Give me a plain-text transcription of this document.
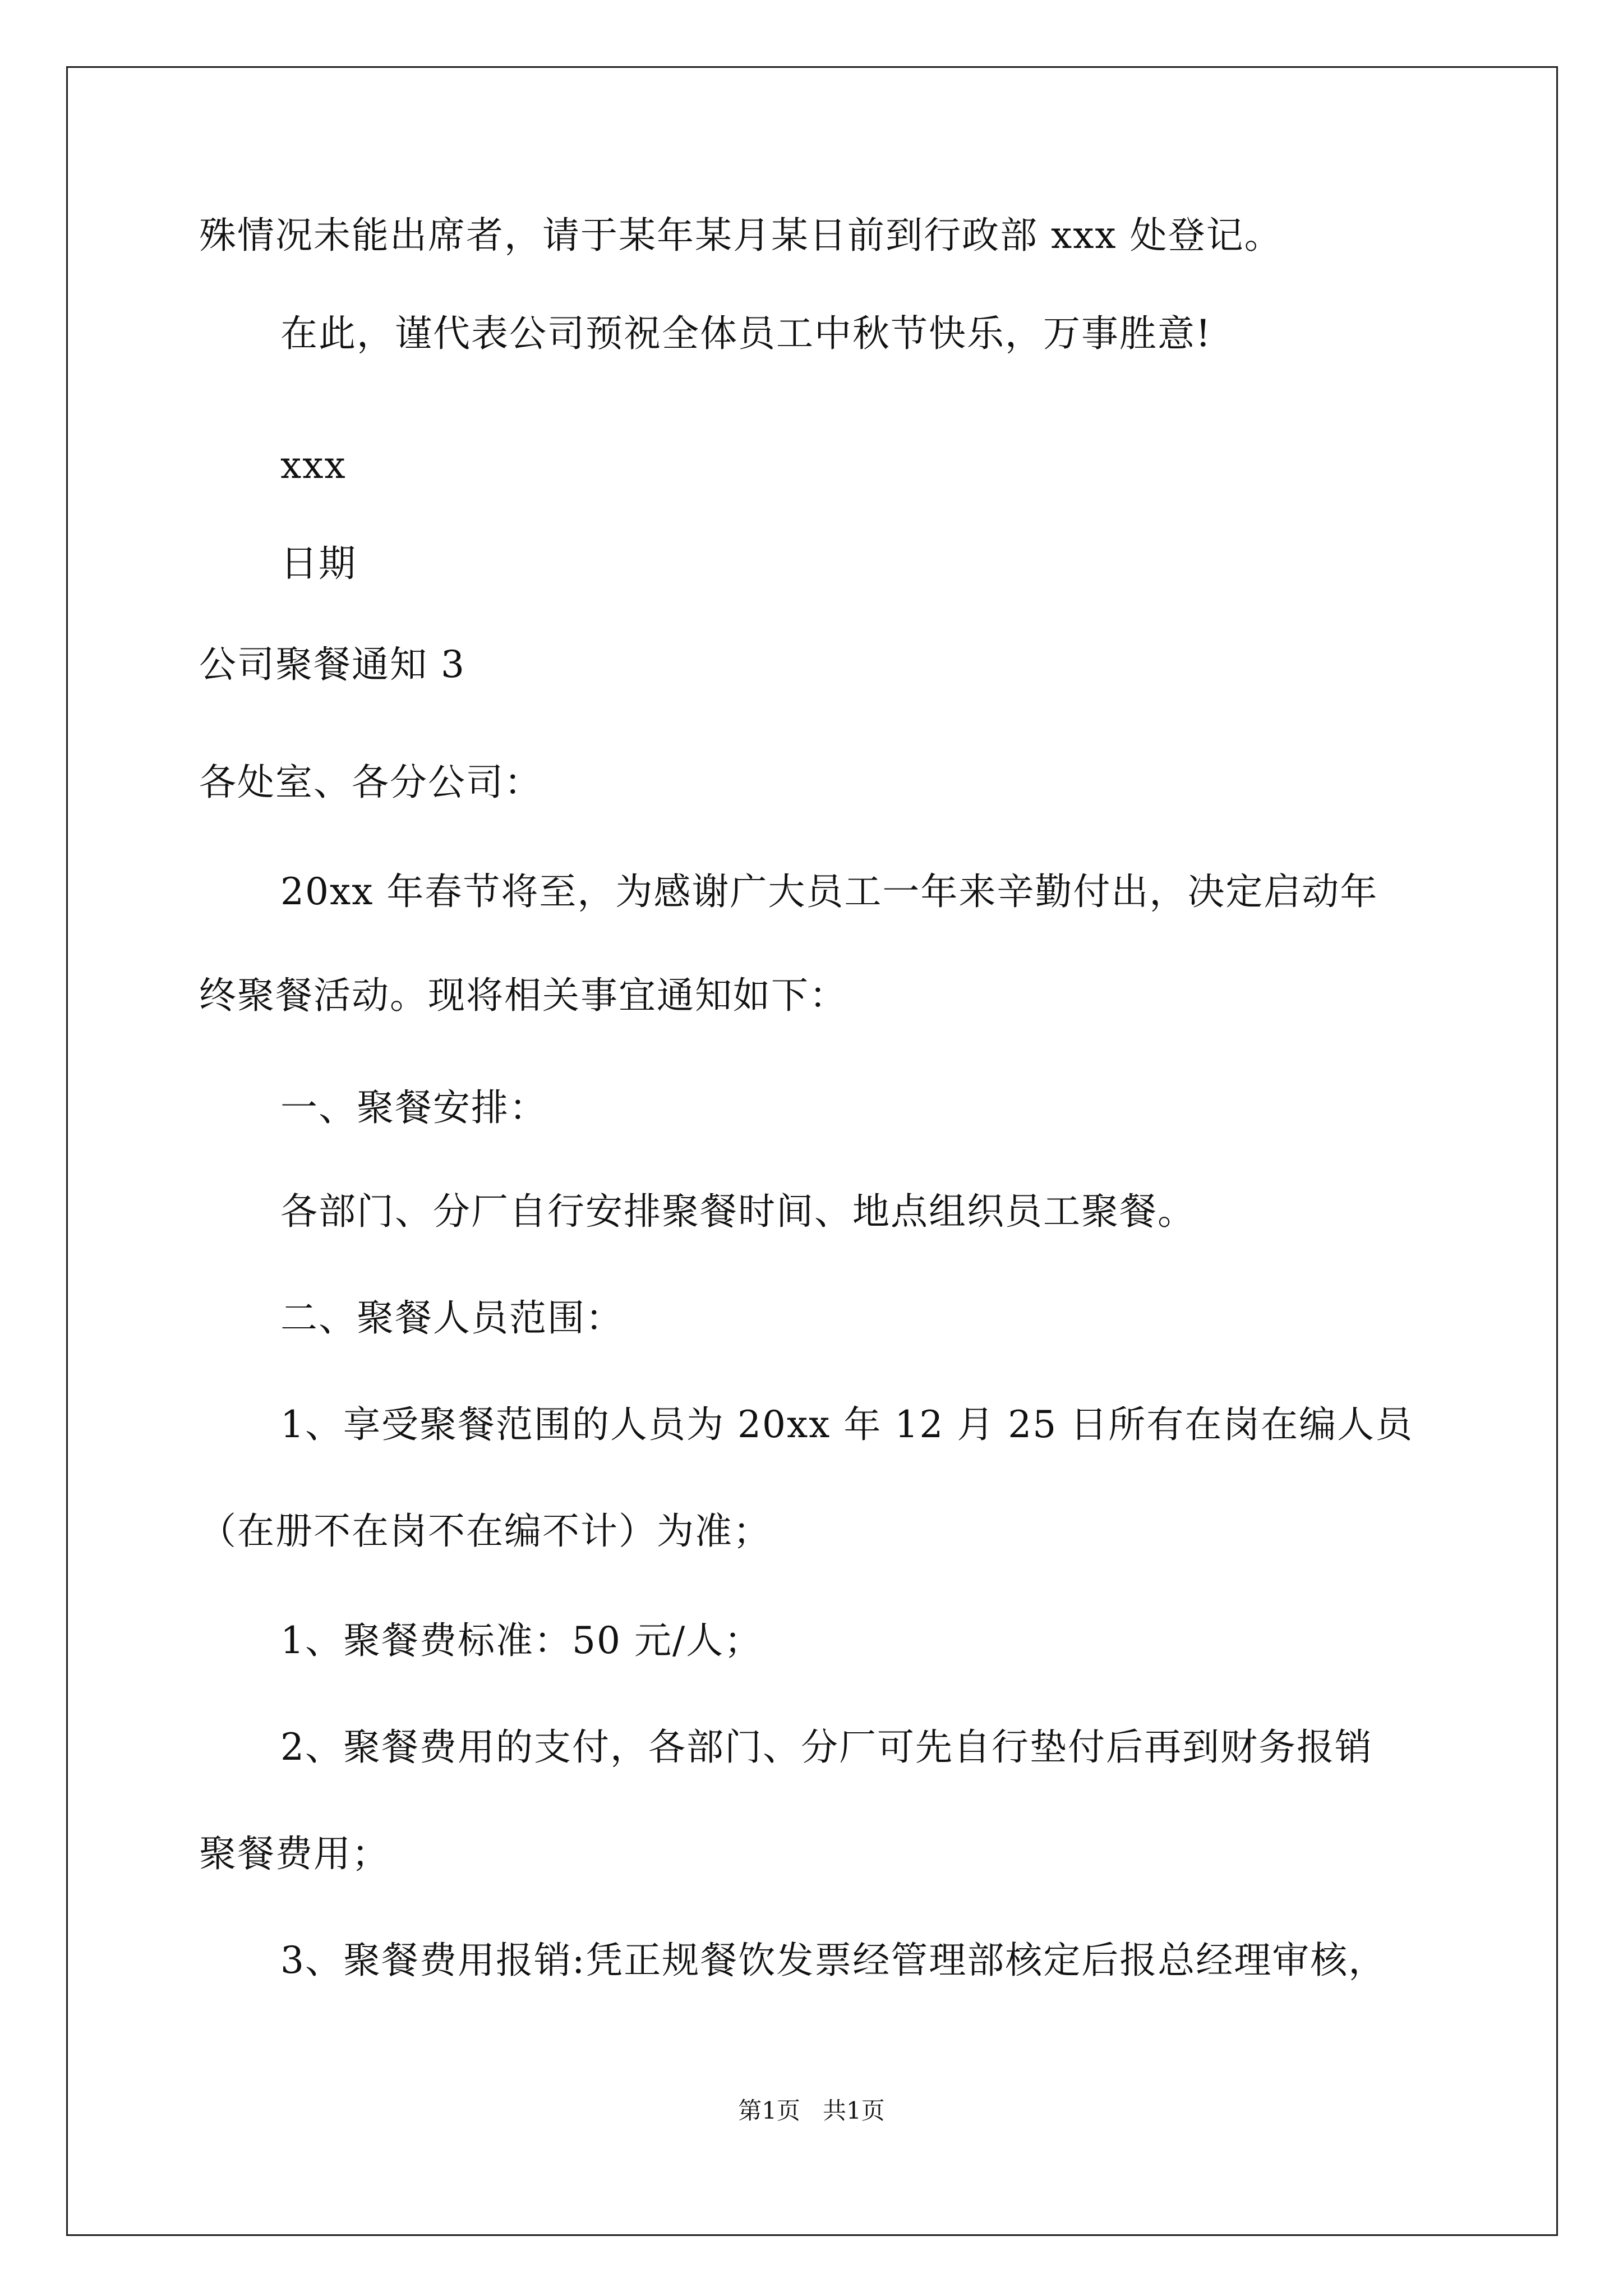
殊情况未能出席者，请于某年某月某日前到行政部 xxx 处登记。
在此，谨代表公司预祝全体员工中秋节快乐，万事胜意!
xxx
日期
公司聚餐通知 3
各处室、各分公司：
20xx 年春节将至，为感谢广大员工一年来辛勤付出，决定启动年
终聚餐活动。现将相关事宜通知如下：
一、聚餐安排：
各部门、分厂自行安排聚餐时间、地点组织员工聚餐。
二、聚餐人员范围：
1、享受聚餐范围的人员为 20xx 年 12 月 25 日所有在岗在编人员
（在册不在岗不在编不计）为准；
1、聚餐费标准：50 元/人；
2、聚餐费用的支付，各部门、分厂可先自行垫付后再到财务报销
聚餐费用；
3、聚餐费用报销:凭正规餐饮发票经管理部核定后报总经理审核，
第1页   共1页
